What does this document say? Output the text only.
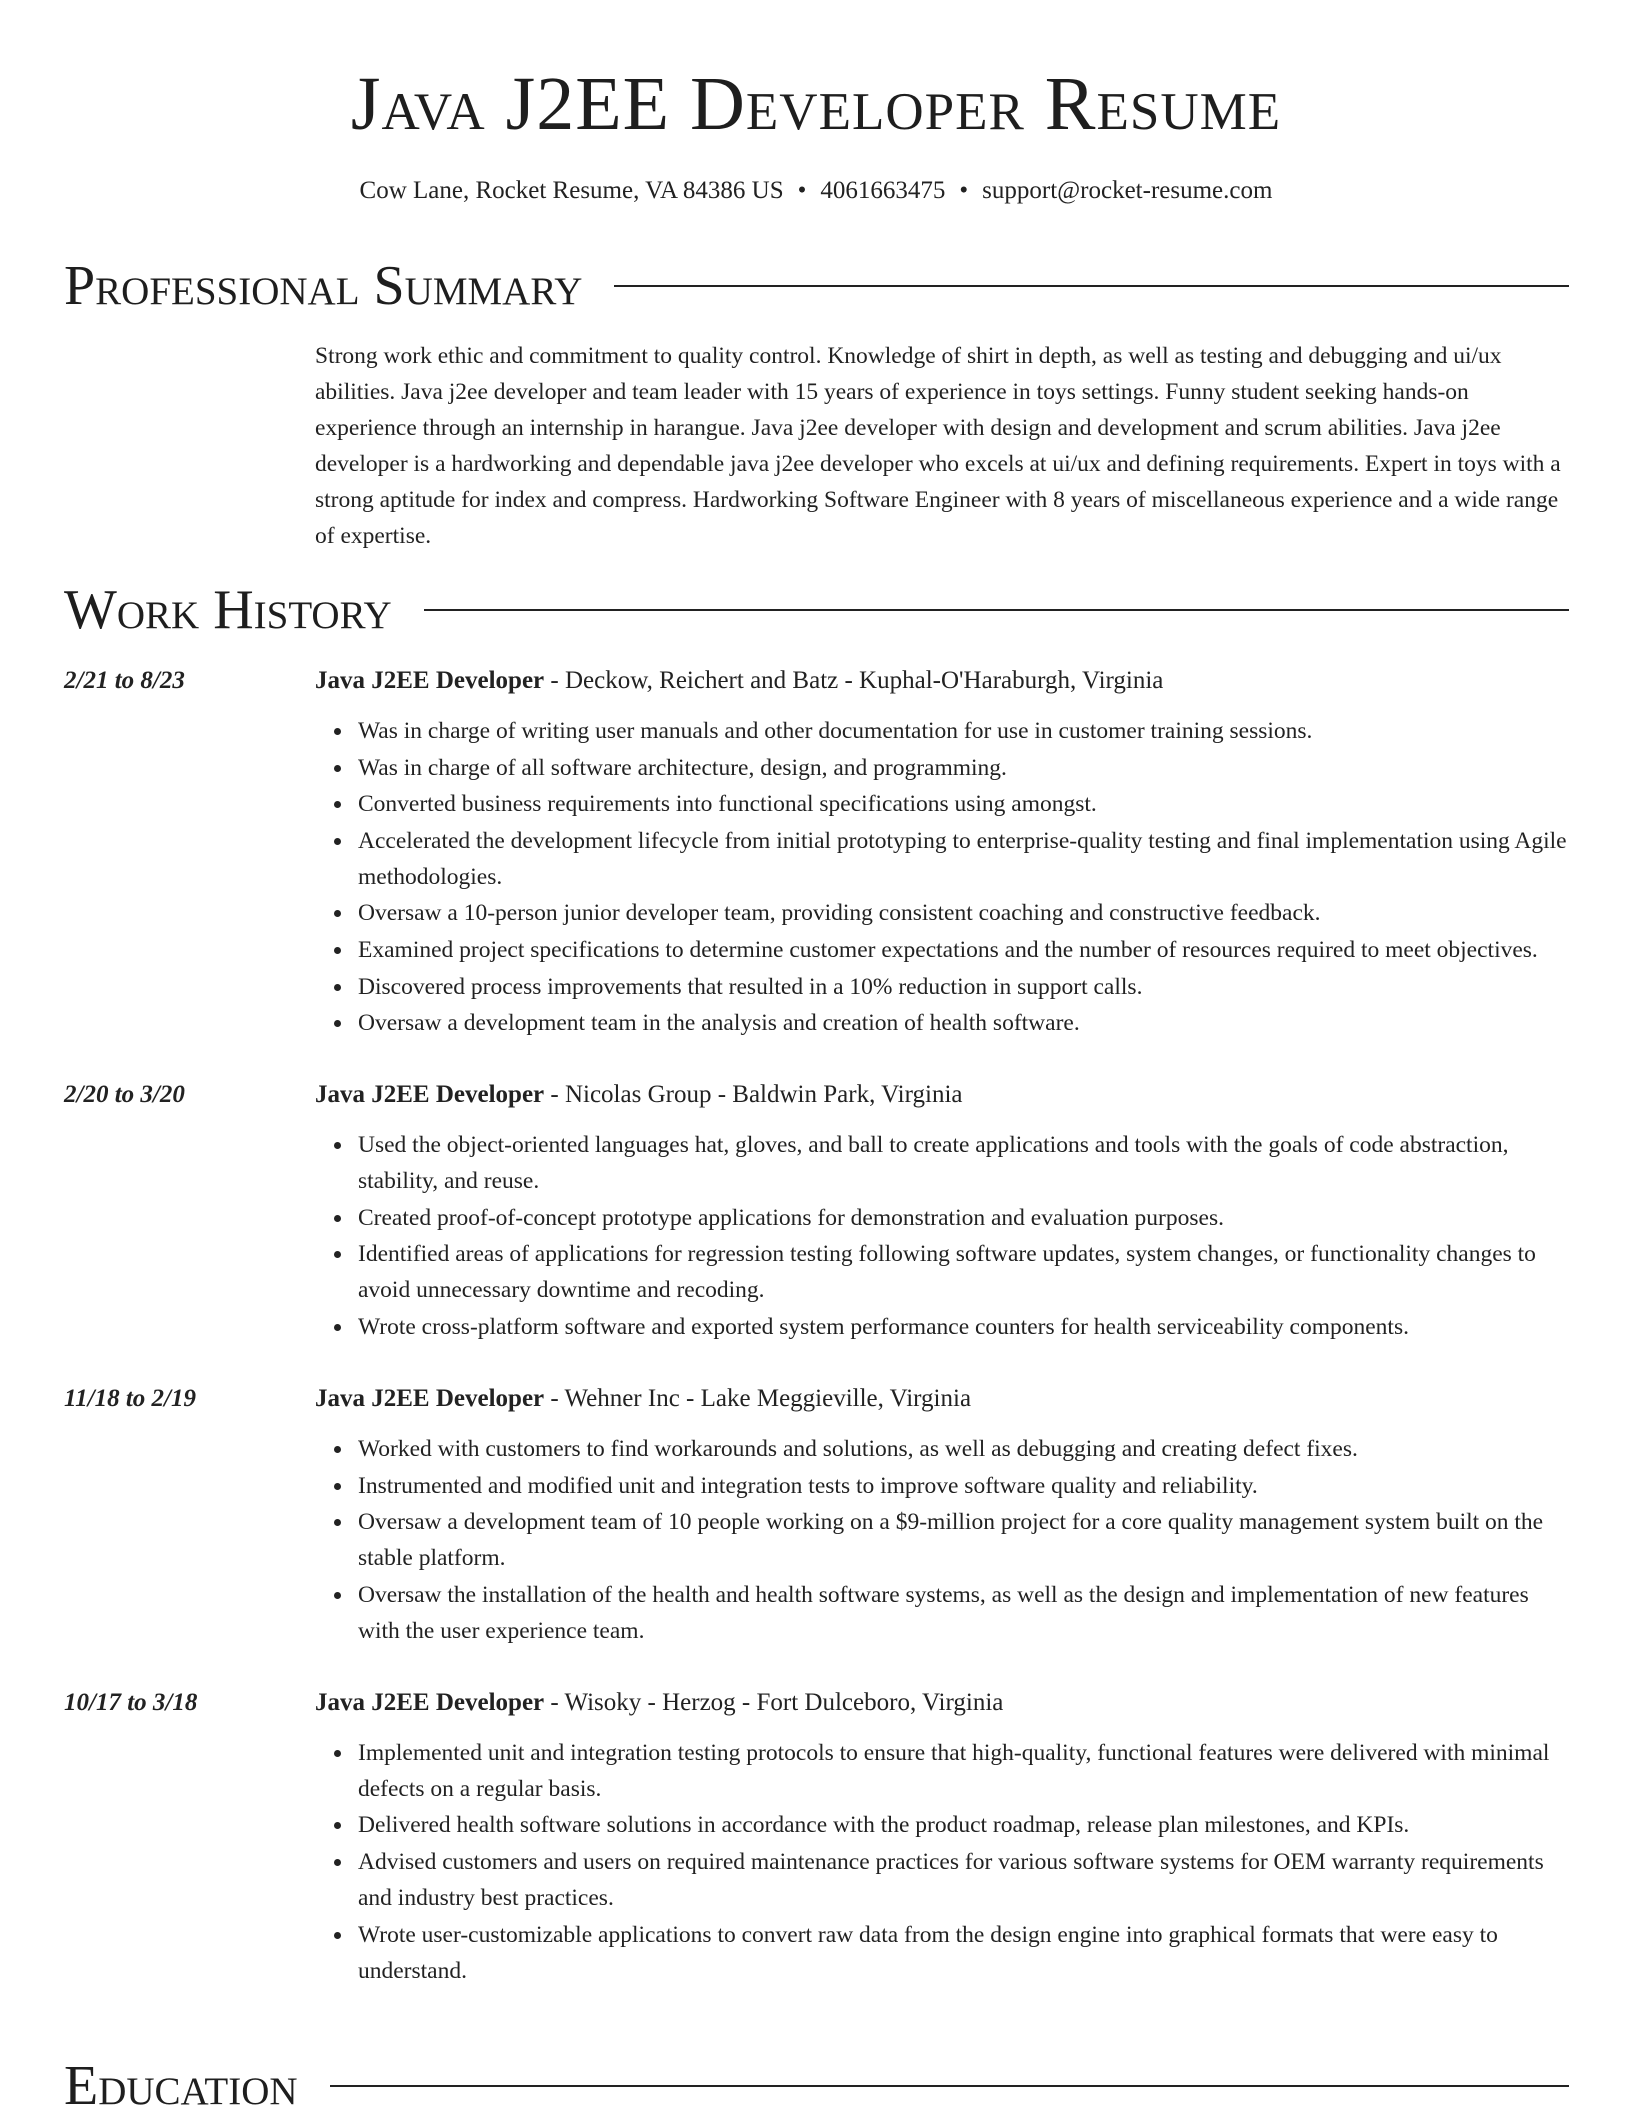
Java J2EE Developer Resume
Cow Lane, Rocket Resume, VA 84386 US • 4061663475 • support@rocket-resume.com
Professional Summary

Strong work ethic and commitment to quality control. Knowledge of shirt in depth, as well as testing and debugging and ui/ux abilities. Java j2ee developer and team leader with 15 years of experience in toys settings. Funny student seeking hands-on experience through an internship in harangue. Java j2ee developer with design and development and scrum abilities. Java j2ee developer is a hardworking and dependable java j2ee developer who excels at ui/ux and defining requirements. Expert in toys with a strong aptitude for index and compress. Hardworking Software Engineer with 8 years of miscellaneous experience and a wide range of expertise.

Work History
2/21 to 8/23	Java J2EE Developer - Deckow, Reichert and Batz - Kuphal-O'Haraburgh, Virginia
Was in charge of writing user manuals and other documentation for use in customer training sessions.
Was in charge of all software architecture, design, and programming.
Converted business requirements into functional specifications using amongst.
Accelerated the development lifecycle from initial prototyping to enterprise-quality testing and final implementation using Agile methodologies.
Oversaw a 10-person junior developer team, providing consistent coaching and constructive feedback.
Examined project specifications to determine customer expectations and the number of resources required to meet objectives.
Discovered process improvements that resulted in a 10% reduction in support calls.
Oversaw a development team in the analysis and creation of health software.
2/20 to 3/20	Java J2EE Developer - Nicolas Group - Baldwin Park, Virginia
Used the object-oriented languages hat, gloves, and ball to create applications and tools with the goals of code abstraction, stability, and reuse.
Created proof-of-concept prototype applications for demonstration and evaluation purposes.
Identified areas of applications for regression testing following software updates, system changes, or functionality changes to avoid unnecessary downtime and recoding.
Wrote cross-platform software and exported system performance counters for health serviceability components.
11/18 to 2/19	Java J2EE Developer - Wehner Inc - Lake Meggieville, Virginia
Worked with customers to find workarounds and solutions, as well as debugging and creating defect fixes.
Instrumented and modified unit and integration tests to improve software quality and reliability.
Oversaw a development team of 10 people working on a $9-million project for a core quality management system built on the stable platform.
Oversaw the installation of the health and health software systems, as well as the design and implementation of new features with the user experience team.
10/17 to 3/18	Java J2EE Developer - Wisoky - Herzog - Fort Dulceboro, Virginia
Implemented unit and integration testing protocols to ensure that high-quality, functional features were delivered with minimal defects on a regular basis.
Delivered health software solutions in accordance with the product roadmap, release plan milestones, and KPIs.
Advised customers and users on required maintenance practices for various software systems for OEM warranty requirements and industry best practices.
Wrote user-customizable applications to convert raw data from the design engine into graphical formats that were easy to understand.
Education
